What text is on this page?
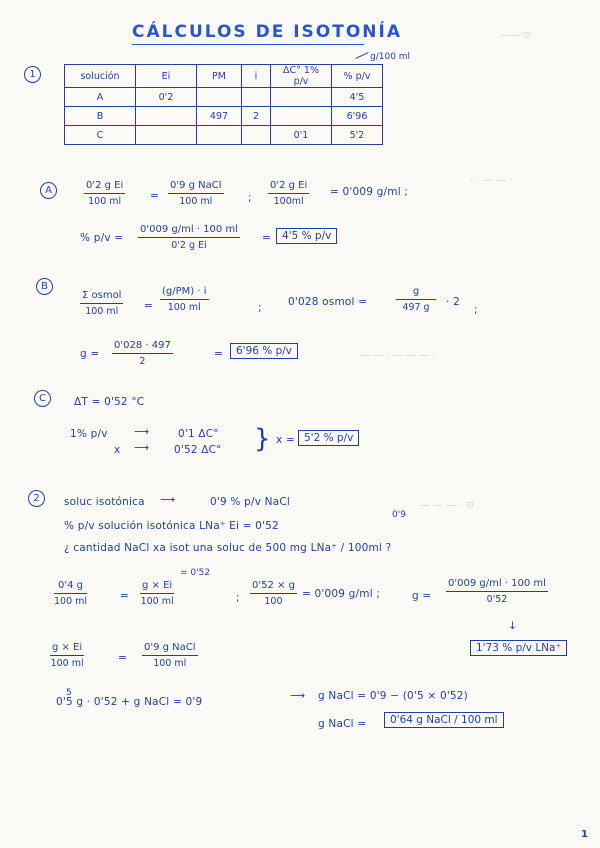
—— ⊙
· · — — ·
— — · — — — ·
— — — · ⊙
CÁLCULOS DE ISOTONÍA
1
g/100 ml
solución	Ei	PM	i	ΔC° 1% p/v	% p/v
A	0'2				4'5
B		497	2		6'96
C				0'1	5'2
A	0'2 g Ei
100 ml	=
0'9 g NaCl
100 ml	;
0'2 g Ei
100ml
= 0'009 g/ml ;
% p/v =
0'009 g/ml · 100 ml
0'2 g Ei
=	4'5 % p/v
B
Σ osmol
100 ml =
(g/PM) · i
100 ml	;	0'028 osmol =
g
497 g · 2
;
g =
0'028 · 497
2
=	6'96 % p/v
C	ΔT = 0'52 °C
1% p/v	⟶	0'1 ΔC°
x ⟶ 0'52 ΔC° } x = 5'2 % p/v
2	soluc isotónica ⟶	0'9 % p/v NaCl
% p/v solución isotónica LNa⁺ Ei = 0'52
0'9
¿ cantidad NaCl xa isot una soluc de 500 mg LNa⁺ / 100ml ?
0'4 g
100 ml	=
= 0'52
g × Ei
100 ml	;
0'52 × g
100
= 0'009 g/ml ;	g =
0'009 g/ml · 100 ml
0'52
↓
1'73 % p/v LNa⁺
g × Ei
100 ml	=
0'9 g NaCl
100 ml
5
0'5 g · 0'52 + g NaCl = 0'9	⟶ g NaCl = 0'9 − (0'5 × 0'52)
g NaCl =	0'64 g NaCl / 100 ml
1
